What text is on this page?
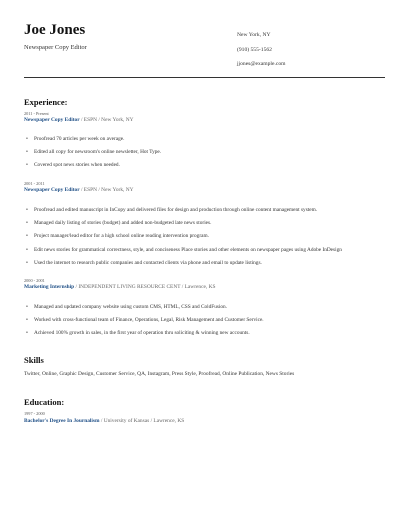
Joe Jones
Newspaper Copy Editor
New York, NY
(910) 555-1562
jjones@example.com
Experience:
2011 - Present
Newspaper Copy Editor / ESPN / New York, NY
• Proofread 70 articles per week on average.
• Edited all copy for newsroom's online newsletter, Hot Type.
• Covered spot news stories when needed.
2001 - 2011
Newspaper Copy Editor / ESPN / New York, NY
• Proofread and edited manuscript in InCopy and delivered files for design and production through online content management system.
• Managed daily listing of stories (budget) and added non-budgeted late news stories.
• Project manager/lead editor for a high school online reading intervention program.
• Edit news stories for grammatical correctness, style, and conciseness Place stories and other elements on newspaper pages using Adobe InDesign
• Used the internet to research public companies and contacted clients via phone and email to update listings.
2000 - 2001
Marketing Internship / INDEPENDENT LIVING RESOURCE CENT / Lawrence, KS
• Managed and updated company website using custom CMS, HTML, CSS and ColdFusion.
• Worked with cross-functional team of Finance, Operations, Legal, Risk Management and Customer Service.
• Achieved 100% growth in sales, in the first year of operation thru soliciting & winning new accounts.
Skills
Twitter, Online, Graphic Design, Customer Service, QA, Instagram, Press Style, Proofread, Online Publication, News Stories
Education:
1997 - 2000
Bachelor's Degree In Journalism / University of Kansas / Lawrence, KS
